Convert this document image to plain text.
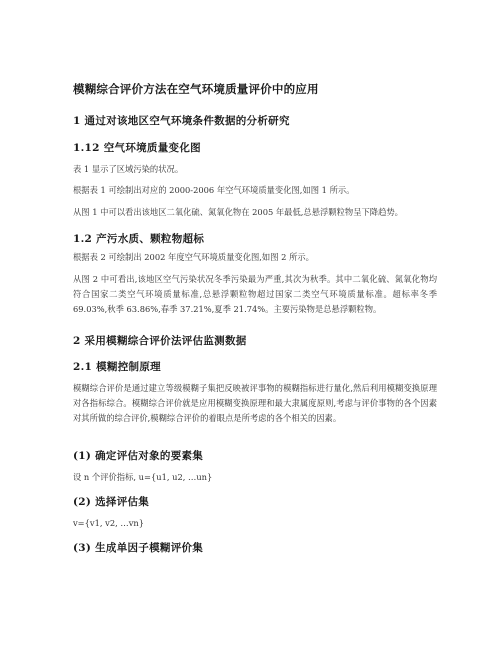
模糊综合评价方法在空气环境质量评价中的应用
1 通过对该地区空气环境条件数据的分析研究
1.12 空气环境质量变化图
表 1 显示了区域污染的状况。
根据表 1 可绘制出对应的 2000-2006 年空气环境质量变化图,如图 1 所示。
从图 1 中可以看出该地区二氧化硫、氮氧化物在 2005 年最低,总悬浮颗粒物呈下降趋势。
1.2 产污水质、颗粒物超标
根据表 2 可绘制出 2002 年度空气环境质量变化图,如图 2 所示。
从图 2 中可看出,该地区空气污染状况冬季污染最为严重,其次为秋季。其中二氧化硫、氮氧化物均符合国家二类空气环境质量标准,总悬浮颗粒物超过国家二类空气环境质量标准。超标率冬季 69.03%,秋季 63.86%,春季 37.21%,夏季 21.74%。主要污染物是总悬浮颗粒物。
2 采用模糊综合评价法评估监测数据
2.1 模糊控制原理
模糊综合评价是通过建立等级模糊子集把反映被评事物的模糊指标进行量化,然后利用模糊变换原理对各指标综合。模糊综合评价就是应用模糊变换原理和最大隶属度原则,考虑与评价事物的各个因素对其所做的综合评价,模糊综合评价的着眼点是所考虑的各个相关的因素。
(1) 确定评估对象的要素集
设 n 个评价指标, u={u1, u2, …un}
(2) 选择评估集
v={v1, v2, …vn}
(3) 生成单因子模糊评价集
